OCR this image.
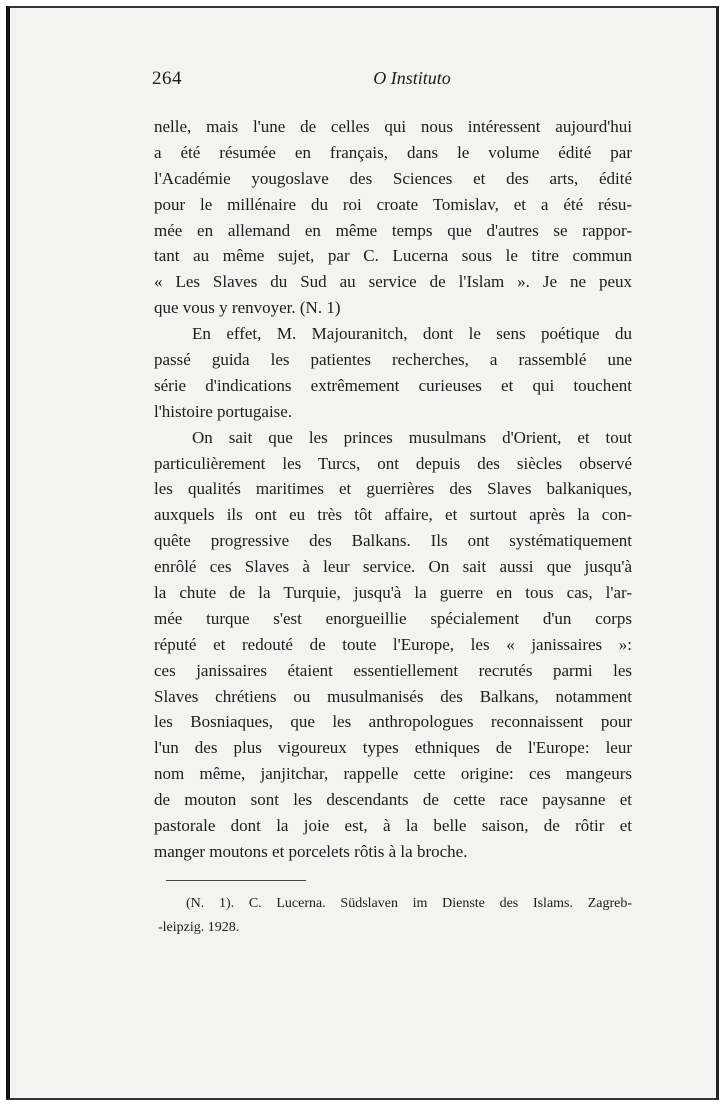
264	O Instituto
nelle, mais l'une de celles qui nous intéressent aujourd'hui
a été résumée en français, dans le volume édité par
l'Académie yougoslave des Sciences et des arts, édité
pour le millénaire du roi croate Tomislav, et a été résu-
mée en allemand en même temps que d'autres se rappor-
tant au même sujet, par C. Lucerna sous le titre commun
« Les Slaves du Sud au service de l'Islam ». Je ne peux
que vous y renvoyer. (N. 1)
En effet, M. Majouranitch, dont le sens poétique du
passé guida les patientes recherches, a rassemblé une
série d'indications extrêmement curieuses et qui touchent
l'histoire portugaise.
On sait que les princes musulmans d'Orient, et tout
particulièrement les Turcs, ont depuis des siècles observé
les qualités maritimes et guerrières des Slaves balkaniques,
auxquels ils ont eu très tôt affaire, et surtout après la con-
quête progressive des Balkans. Ils ont systématiquement
enrôlé ces Slaves à leur service. On sait aussi que jusqu'à
la chute de la Turquie, jusqu'à la guerre en tous cas, l'ar-
mée turque s'est enorgueillie spécialement d'un corps
réputé et redouté de toute l'Europe, les « janissaires »:
ces janissaires étaient essentiellement recrutés parmi les
Slaves chrétiens ou musulmanisés des Balkans, notamment
les Bosniaques, que les anthropologues reconnaissent pour
l'un des plus vigoureux types ethniques de l'Europe: leur
nom même, janjitchar, rappelle cette origine: ces mangeurs
de mouton sont les descendants de cette race paysanne et
pastorale dont la joie est, à la belle saison, de rôtir et
manger moutons et porcelets rôtis à la broche.
(N. 1). C. Lucerna. Südslaven im Dienste des Islams. Zagreb-
-leipzig. 1928.
